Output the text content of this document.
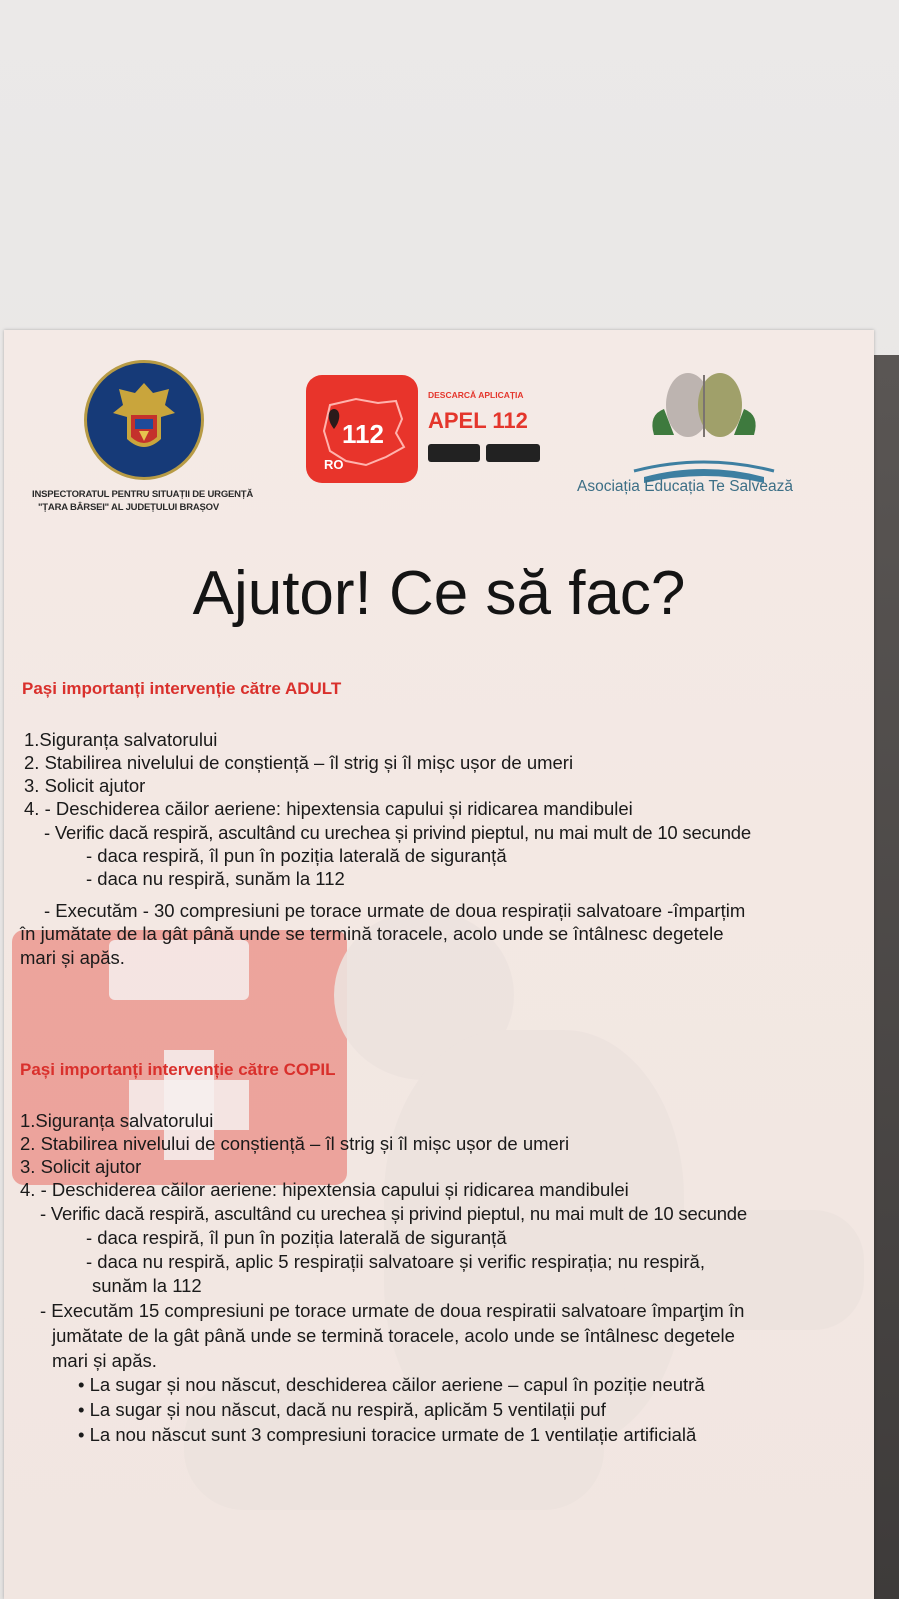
INSPECTORATUL PENTRU SITUAȚII DE URGENȚĂ
"ȚARA BÂRSEI" AL JUDEȚULUI BRAȘOV
112
RO
DESCARCĂ APLICAȚIA
APEL 112
Asociația Educația Te Salvează
Ajutor! Ce să fac?
Pași importanți intervenție către ADULT
1.Siguranța salvatorului
2. Stabilirea nivelului de conștiență – îl strig și îl mișc ușor de umeri
3. Solicit ajutor
4. - Deschiderea căilor aeriene: hipextensia capului și ridicarea mandibulei
- Verific dacă respiră, ascultând cu urechea și privind pieptul, nu mai mult de 10 secunde
- daca respiră, îl pun în poziția laterală de siguranță
- daca nu respiră, sunăm la 112
- Executăm - 30 compresiuni pe torace urmate de doua respirații salvatoare -împarțim
în jumătate de la gât până unde se termină toracele, acolo unde se întâlnesc degetele
mari și apăs.
Pași importanți intervenție către COPIL
1.Siguranța salvatorului
2. Stabilirea nivelului de conștiență – îl strig și îl mișc ușor de umeri
3. Solicit ajutor
4. - Deschiderea căilor aeriene: hipextensia capului și ridicarea mandibulei
- Verific dacă respiră, ascultând cu urechea și privind pieptul, nu mai mult de 10 secunde
- daca respiră, îl pun în poziția laterală de siguranță
- daca nu respiră, aplic 5 respirații salvatoare și verific respirația; nu respiră,
sunăm la 112
- Executăm 15 compresiuni pe torace urmate de doua respiratii salvatoare împarţim în
jumătate de la gât până unde se termină toracele, acolo unde se întâlnesc degetele
mari și apăs.
• La sugar și nou născut, deschiderea căilor aeriene – capul în poziție neutră
• La sugar și nou născut, dacă nu respiră, aplicăm 5 ventilații puf
• La nou născut sunt 3 compresiuni toracice urmate de 1 ventilație artificială
